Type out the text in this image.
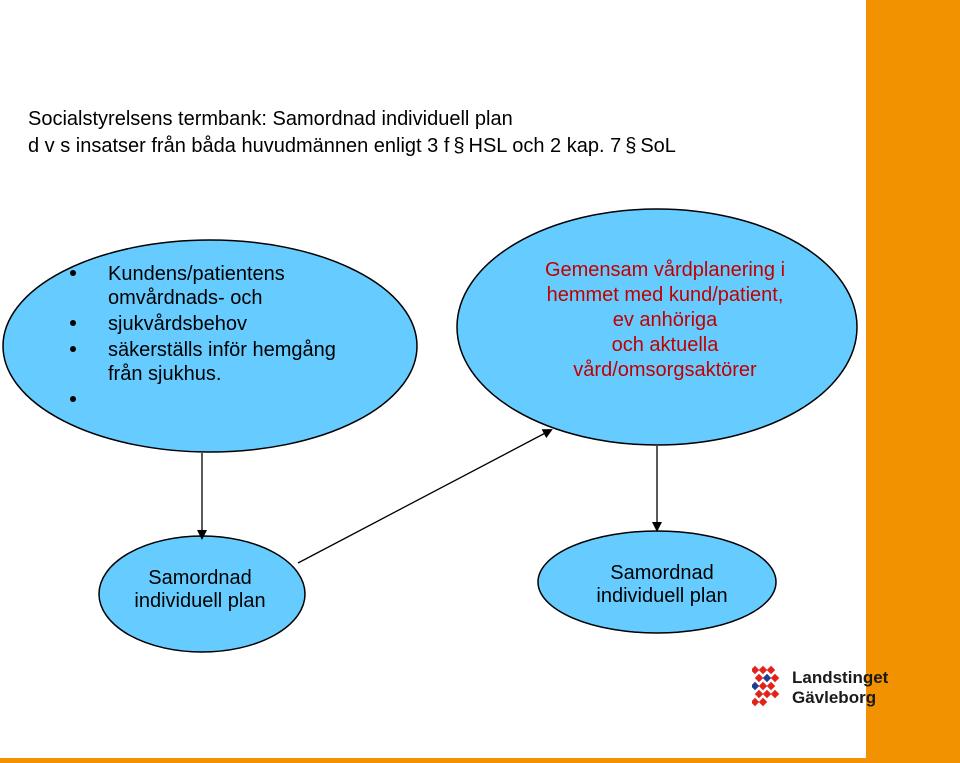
Socialstyrelsens termbank: Samordnad individuell plan
d v s insatser från båda huvudmännen enligt 3 f § HSL och 2 kap. 7 § SoL
Kundens/patientens omvårdnads- och
sjukvårdsbehov
säkerställs inför hemgång från sjukhus.
Gemensam vårdplanering i
hemmet med kund/patient,
ev anhöriga
och aktuella
vård/omsorgsaktörer
Samordnad
individuell plan
Samordnad
individuell plan
Landstinget
Gävleborg
